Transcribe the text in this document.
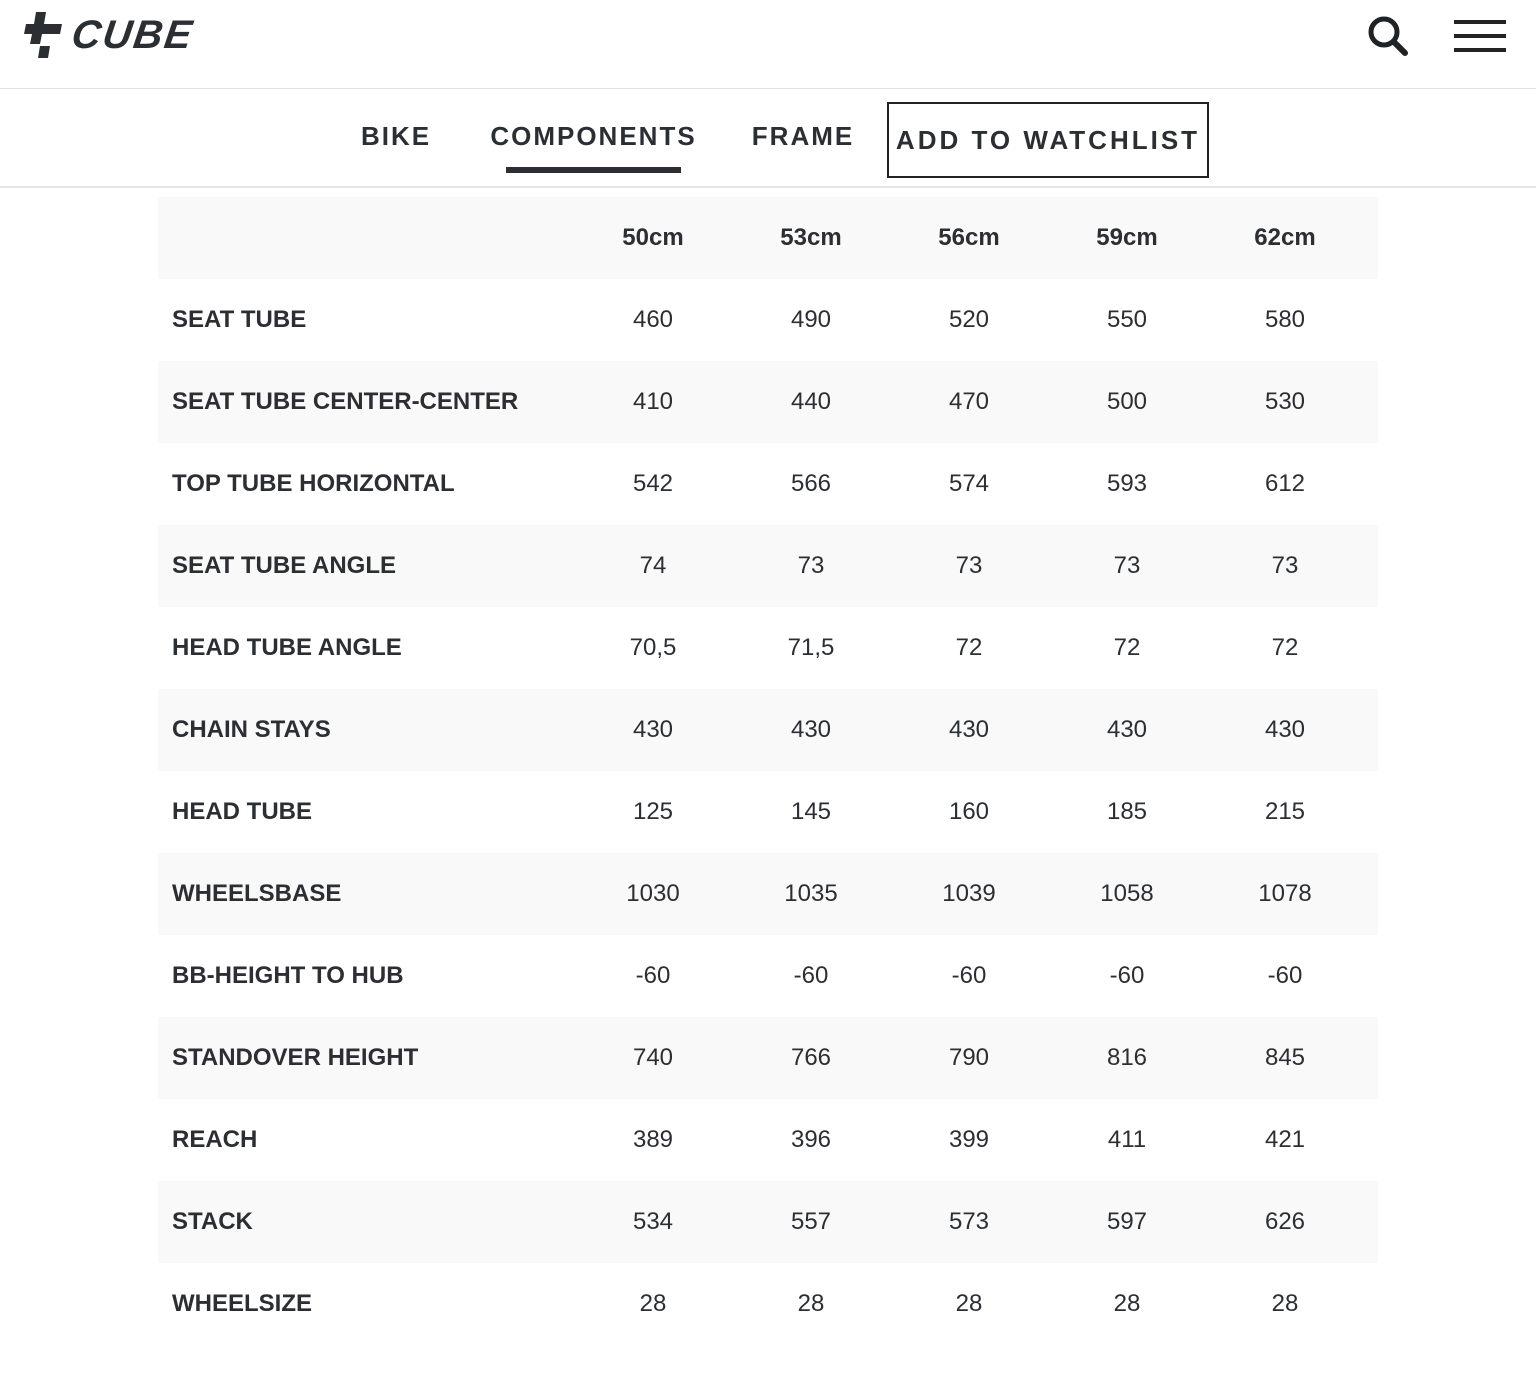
CUBE
BIKE COMPONENTS FRAME ADD TO WATCHLIST
50cm	53cm	56cm	59cm	62cm
SEAT TUBE	460	490	520	550	580
SEAT TUBE CENTER-CENTER	410	440	470	500	530
TOP TUBE HORIZONTAL	542	566	574	593	612
SEAT TUBE ANGLE	74	73	73	73	73
HEAD TUBE ANGLE	70,5	71,5	72	72	72
CHAIN STAYS	430	430	430	430	430
HEAD TUBE	125	145	160	185	215
WHEELSBASE	1030	1035	1039	1058	1078
BB-HEIGHT TO HUB	-60	-60	-60	-60	-60
STANDOVER HEIGHT	740	766	790	816	845
REACH	389	396	399	411	421
STACK	534	557	573	597	626
WHEELSIZE	28	28	28	28	28
